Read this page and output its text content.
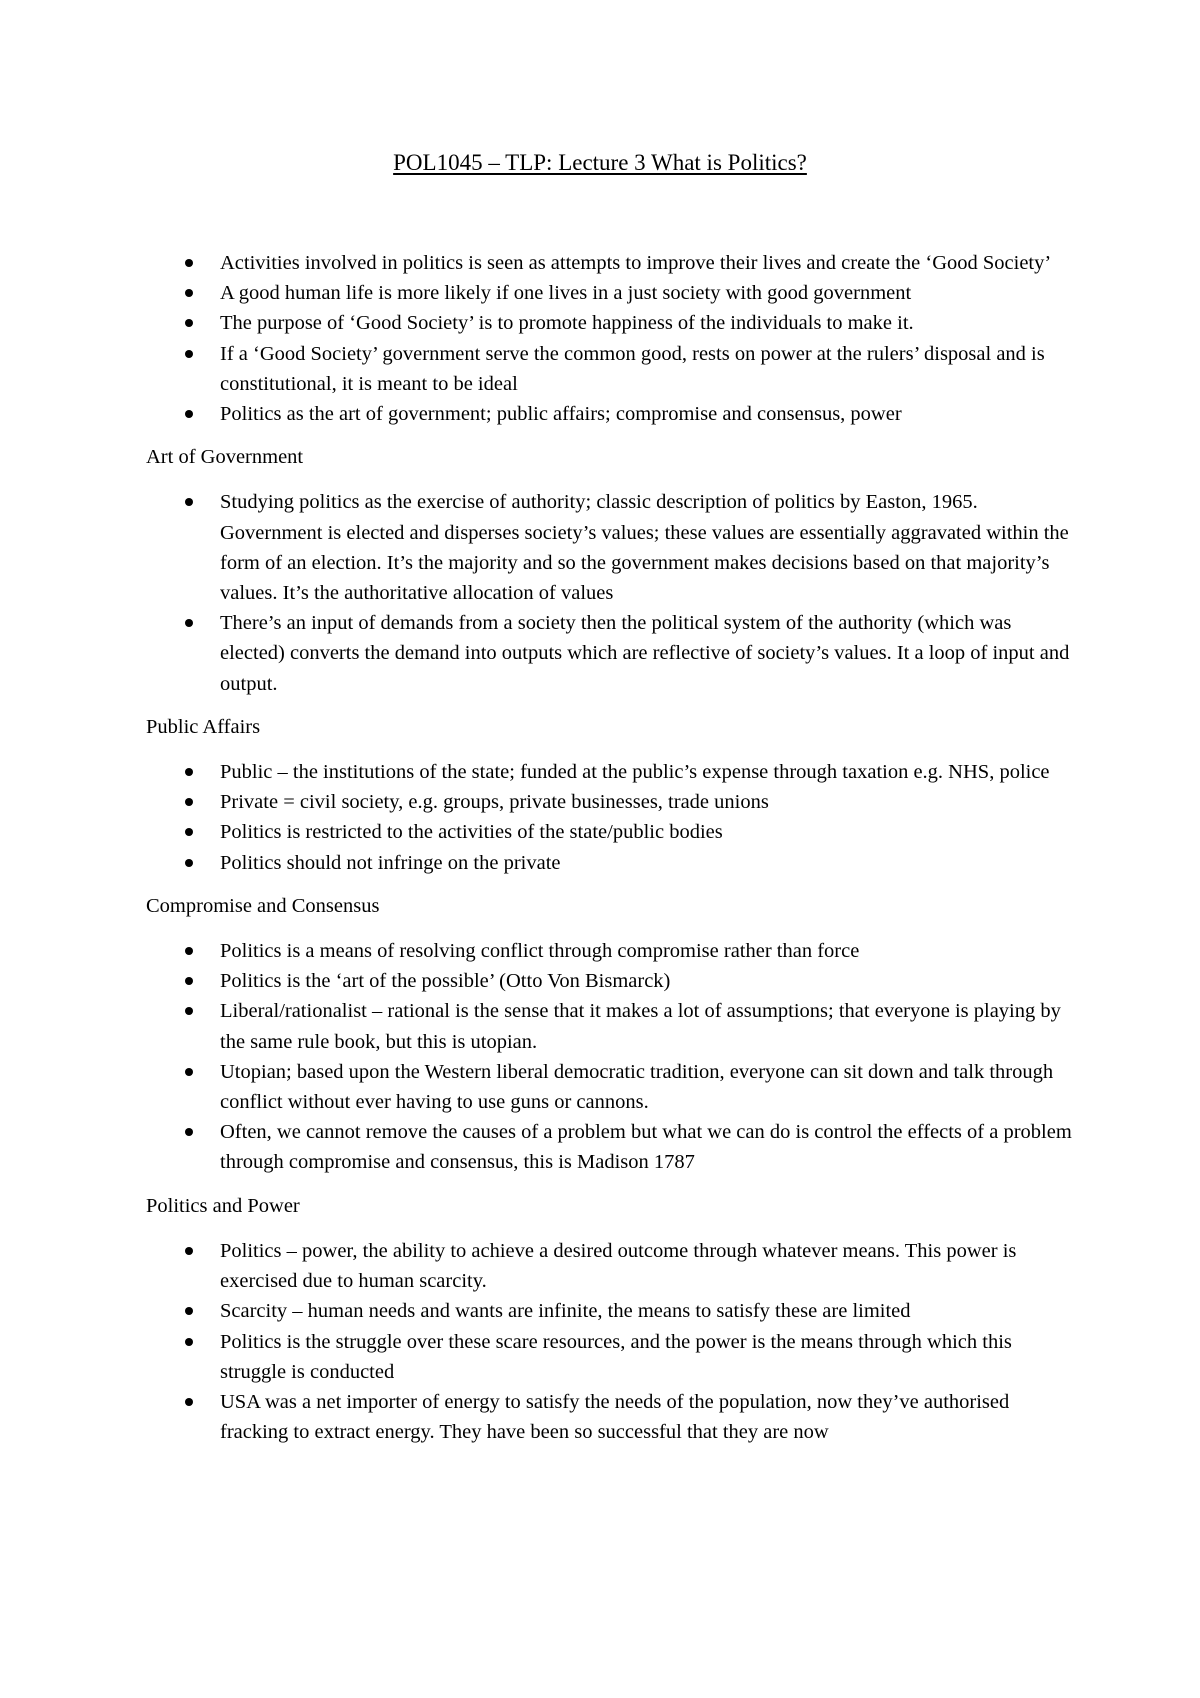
POL1045 – TLP: Lecture 3 What is Politics?
Activities involved in politics is seen as attempts to improve their lives and create the ‘Good Society’
A good human life is more likely if one lives in a just society with good government
The purpose of ‘Good Society’ is to promote happiness of the individuals to make it.
If a ‘Good Society’ government serve the common good, rests on power at the rulers’ disposal and is constitutional, it is meant to be ideal
Politics as the art of government; public affairs; compromise and consensus, power
Art of Government
Studying politics as the exercise of authority; classic description of politics by Easton, 1965. Government is elected and disperses society’s values; these values are essentially aggravated within the form of an election. It’s the majority and so the government makes decisions based on that majority’s values. It’s the authoritative allocation of values
There’s an input of demands from a society then the political system of the authority (which was elected) converts the demand into outputs which are reflective of society’s values. It a loop of input and output.
Public Affairs
Public – the institutions of the state; funded at the public’s expense through taxation e.g. NHS, police
Private = civil society, e.g. groups, private businesses, trade unions
Politics is restricted to the activities of the state/public bodies
Politics should not infringe on the private
Compromise and Consensus
Politics is a means of resolving conflict through compromise rather than force
Politics is the ‘art of the possible’ (Otto Von Bismarck)
Liberal/rationalist – rational is the sense that it makes a lot of assumptions; that everyone is playing by the same rule book, but this is utopian.
Utopian; based upon the Western liberal democratic tradition, everyone can sit down and talk through conflict without ever having to use guns or cannons.
Often, we cannot remove the causes of a problem but what we can do is control the effects of a problem through compromise and consensus, this is Madison 1787
Politics and Power
Politics – power, the ability to achieve a desired outcome through whatever means. This power is exercised due to human scarcity.
Scarcity – human needs and wants are infinite, the means to satisfy these are limited
Politics is the struggle over these scare resources, and the power is the means through which this struggle is conducted
USA was a net importer of energy to satisfy the needs of the population, now they’ve authorised fracking to extract energy. They have been so successful that they are now
